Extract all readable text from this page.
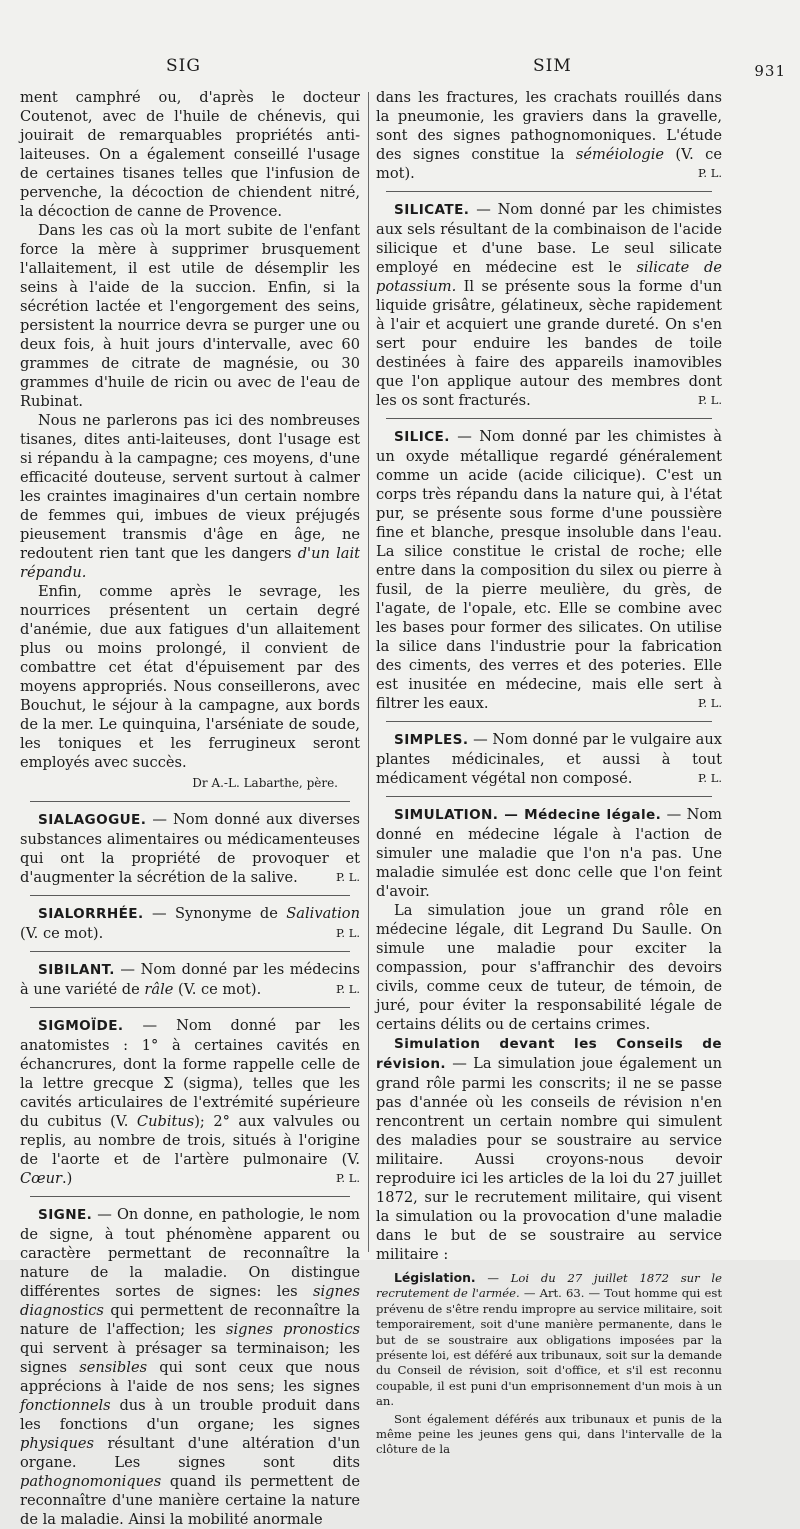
SIG	SIM	931

ment camphré ou, d'après le docteur Coutenot, avec de l'huile de chénevis, qui jouirait de remarquables propriétés anti-laiteuses. On a également conseillé l'usage de certaines tisanes telles que l'infusion de pervenche, la décoction de chiendent nitré, la décoction de canne de Provence.

Dans les cas où la mort subite de l'enfant force la mère à supprimer brusquement l'allaitement, il est utile de désemplir les seins à l'aide de la succion. Enfin, si la sécrétion lactée et l'engorgement des seins, persistent la nourrice devra se purger une ou deux fois, à huit jours d'intervalle, avec 60 grammes de citrate de magnésie, ou 30 grammes d'huile de ricin ou avec de l'eau de Rubinat.

Nous ne parlerons pas ici des nombreuses tisanes, dites anti-laiteuses, dont l'usage est si répandu à la campagne; ces moyens, d'une efficacité douteuse, servent surtout à calmer les craintes imaginaires d'un certain nombre de femmes qui, imbues de vieux préjugés pieusement transmis d'âge en âge, ne redoutent rien tant que les dangers d'un lait répandu.

Enfin, comme après le sevrage, les nourrices présentent un certain degré d'anémie, due aux fatigues d'un allaitement plus ou moins prolongé, il convient de combattre cet état d'épuisement par des moyens appropriés. Nous conseillerons, avec Bouchut, le séjour à la campagne, aux bords de la mer. Le quinquina, l'arséniate de soude, les toniques et les ferrugineux seront employés avec succès.

Dr A.-L. Labarthe, père.

SIALAGOGUE. — Nom donné aux diverses substances alimentaires ou médicamenteuses qui ont la propriété de provoquer et d'augmenter la sécrétion de la salive.	P. L.

SIALORRHÉE. — Synonyme de Salivation (V. ce mot).	P. L.

SIBILANT. — Nom donné par les médecins à une variété de râle (V. ce mot).	P. L.

SIGMOÏDE. — Nom donné par les anatomistes : 1° à certaines cavités en échancrures, dont la forme rappelle celle de la lettre grecque Σ (sigma), telles que les cavités articulaires de l'extrémité supérieure du cubitus (V. Cubitus); 2° aux valvules ou replis, au nombre de trois, situés à l'origine de l'aorte et de l'artère pulmonaire (V. Cœur.)	P. L.

SIGNE. — On donne, en pathologie, le nom de signe, à tout phénomène apparent ou caractère permettant de reconnaître la nature de la maladie. On distingue différentes sortes de signes: les signes diagnostics qui permettent de reconnaître la nature de l'affection; les signes pronostics qui servent à présager sa terminaison; les signes sensibles qui sont ceux que nous apprécions à l'aide de nos sens; les signes fonctionnels dus à un trouble produit dans les fonctions d'un organe; les signes physiques résultant d'une altération d'un organe. Les signes sont dits pathognomoniques quand ils permettent de reconnaître d'une manière certaine la nature de la maladie. Ainsi la mobilité anormale

dans les fractures, les crachats rouillés dans la pneumonie, les graviers dans la gravelle, sont des signes pathognomoniques. L'étude des signes constitue la séméiologie (V. ce mot).	P. L.

SILICATE. — Nom donné par les chimistes aux sels résultant de la combinaison de l'acide silicique et d'une base. Le seul silicate employé en médecine est le silicate de potassium. Il se présente sous la forme d'un liquide grisâtre, gélatineux, sèche rapidement à l'air et acquiert une grande dureté. On s'en sert pour enduire les bandes de toile destinées à faire des appareils inamovibles que l'on applique autour des membres dont les os sont fracturés.	P. L.

SILICE. — Nom donné par les chimistes à un oxyde métallique regardé généralement comme un acide (acide cilicique). C'est un corps très répandu dans la nature qui, à l'état pur, se présente sous forme d'une poussière fine et blanche, presque insoluble dans l'eau. La silice constitue le cristal de roche; elle entre dans la composition du silex ou pierre à fusil, de la pierre meulière, du grès, de l'agate, de l'opale, etc. Elle se combine avec les bases pour former des silicates. On utilise la silice dans l'industrie pour la fabrication des ciments, des verres et des poteries. Elle est inusitée en médecine, mais elle sert à filtrer les eaux.	P. L.

SIMPLES. — Nom donné par le vulgaire aux plantes médicinales, et aussi à tout médicament végétal non composé.	P. L.

SIMULATION. — Médecine légale. — Nom donné en médecine légale à l'action de simuler une maladie que l'on n'a pas. Une maladie simulée est donc celle que l'on feint d'avoir.

La simulation joue un grand rôle en médecine légale, dit Legrand Du Saulle. On simule une maladie pour exciter la compassion, pour s'affranchir des devoirs civils, comme ceux de tuteur, de témoin, de juré, pour éviter la responsabilité légale de certains délits ou de certains crimes.

Simulation devant les Conseils de révision. — La simulation joue également un grand rôle parmi les conscrits; il ne se passe pas d'année où les conseils de révision n'en rencontrent un certain nombre qui simulent des maladies pour se soustraire au service militaire. Aussi croyons-nous devoir reproduire ici les articles de la loi du 27 juillet 1872, sur le recrutement militaire, qui visent la simulation ou la provocation d'une maladie dans le but de se soustraire au service militaire :

Législation. — Loi du 27 juillet 1872 sur le recrutement de l'armée. — Art. 63. — Tout homme qui est prévenu de s'être rendu impropre au service militaire, soit temporairement, soit d'une manière permanente, dans le but de se soustraire aux obligations imposées par la présente loi, est déféré aux tribunaux, soit sur la demande du Conseil de révision, soit d'office, et s'il est reconnu coupable, il est puni d'un emprisonnement d'un mois à un an.

Sont également déférés aux tribunaux et punis de la même peine les jeunes gens qui, dans l'intervalle de la clôture de la
